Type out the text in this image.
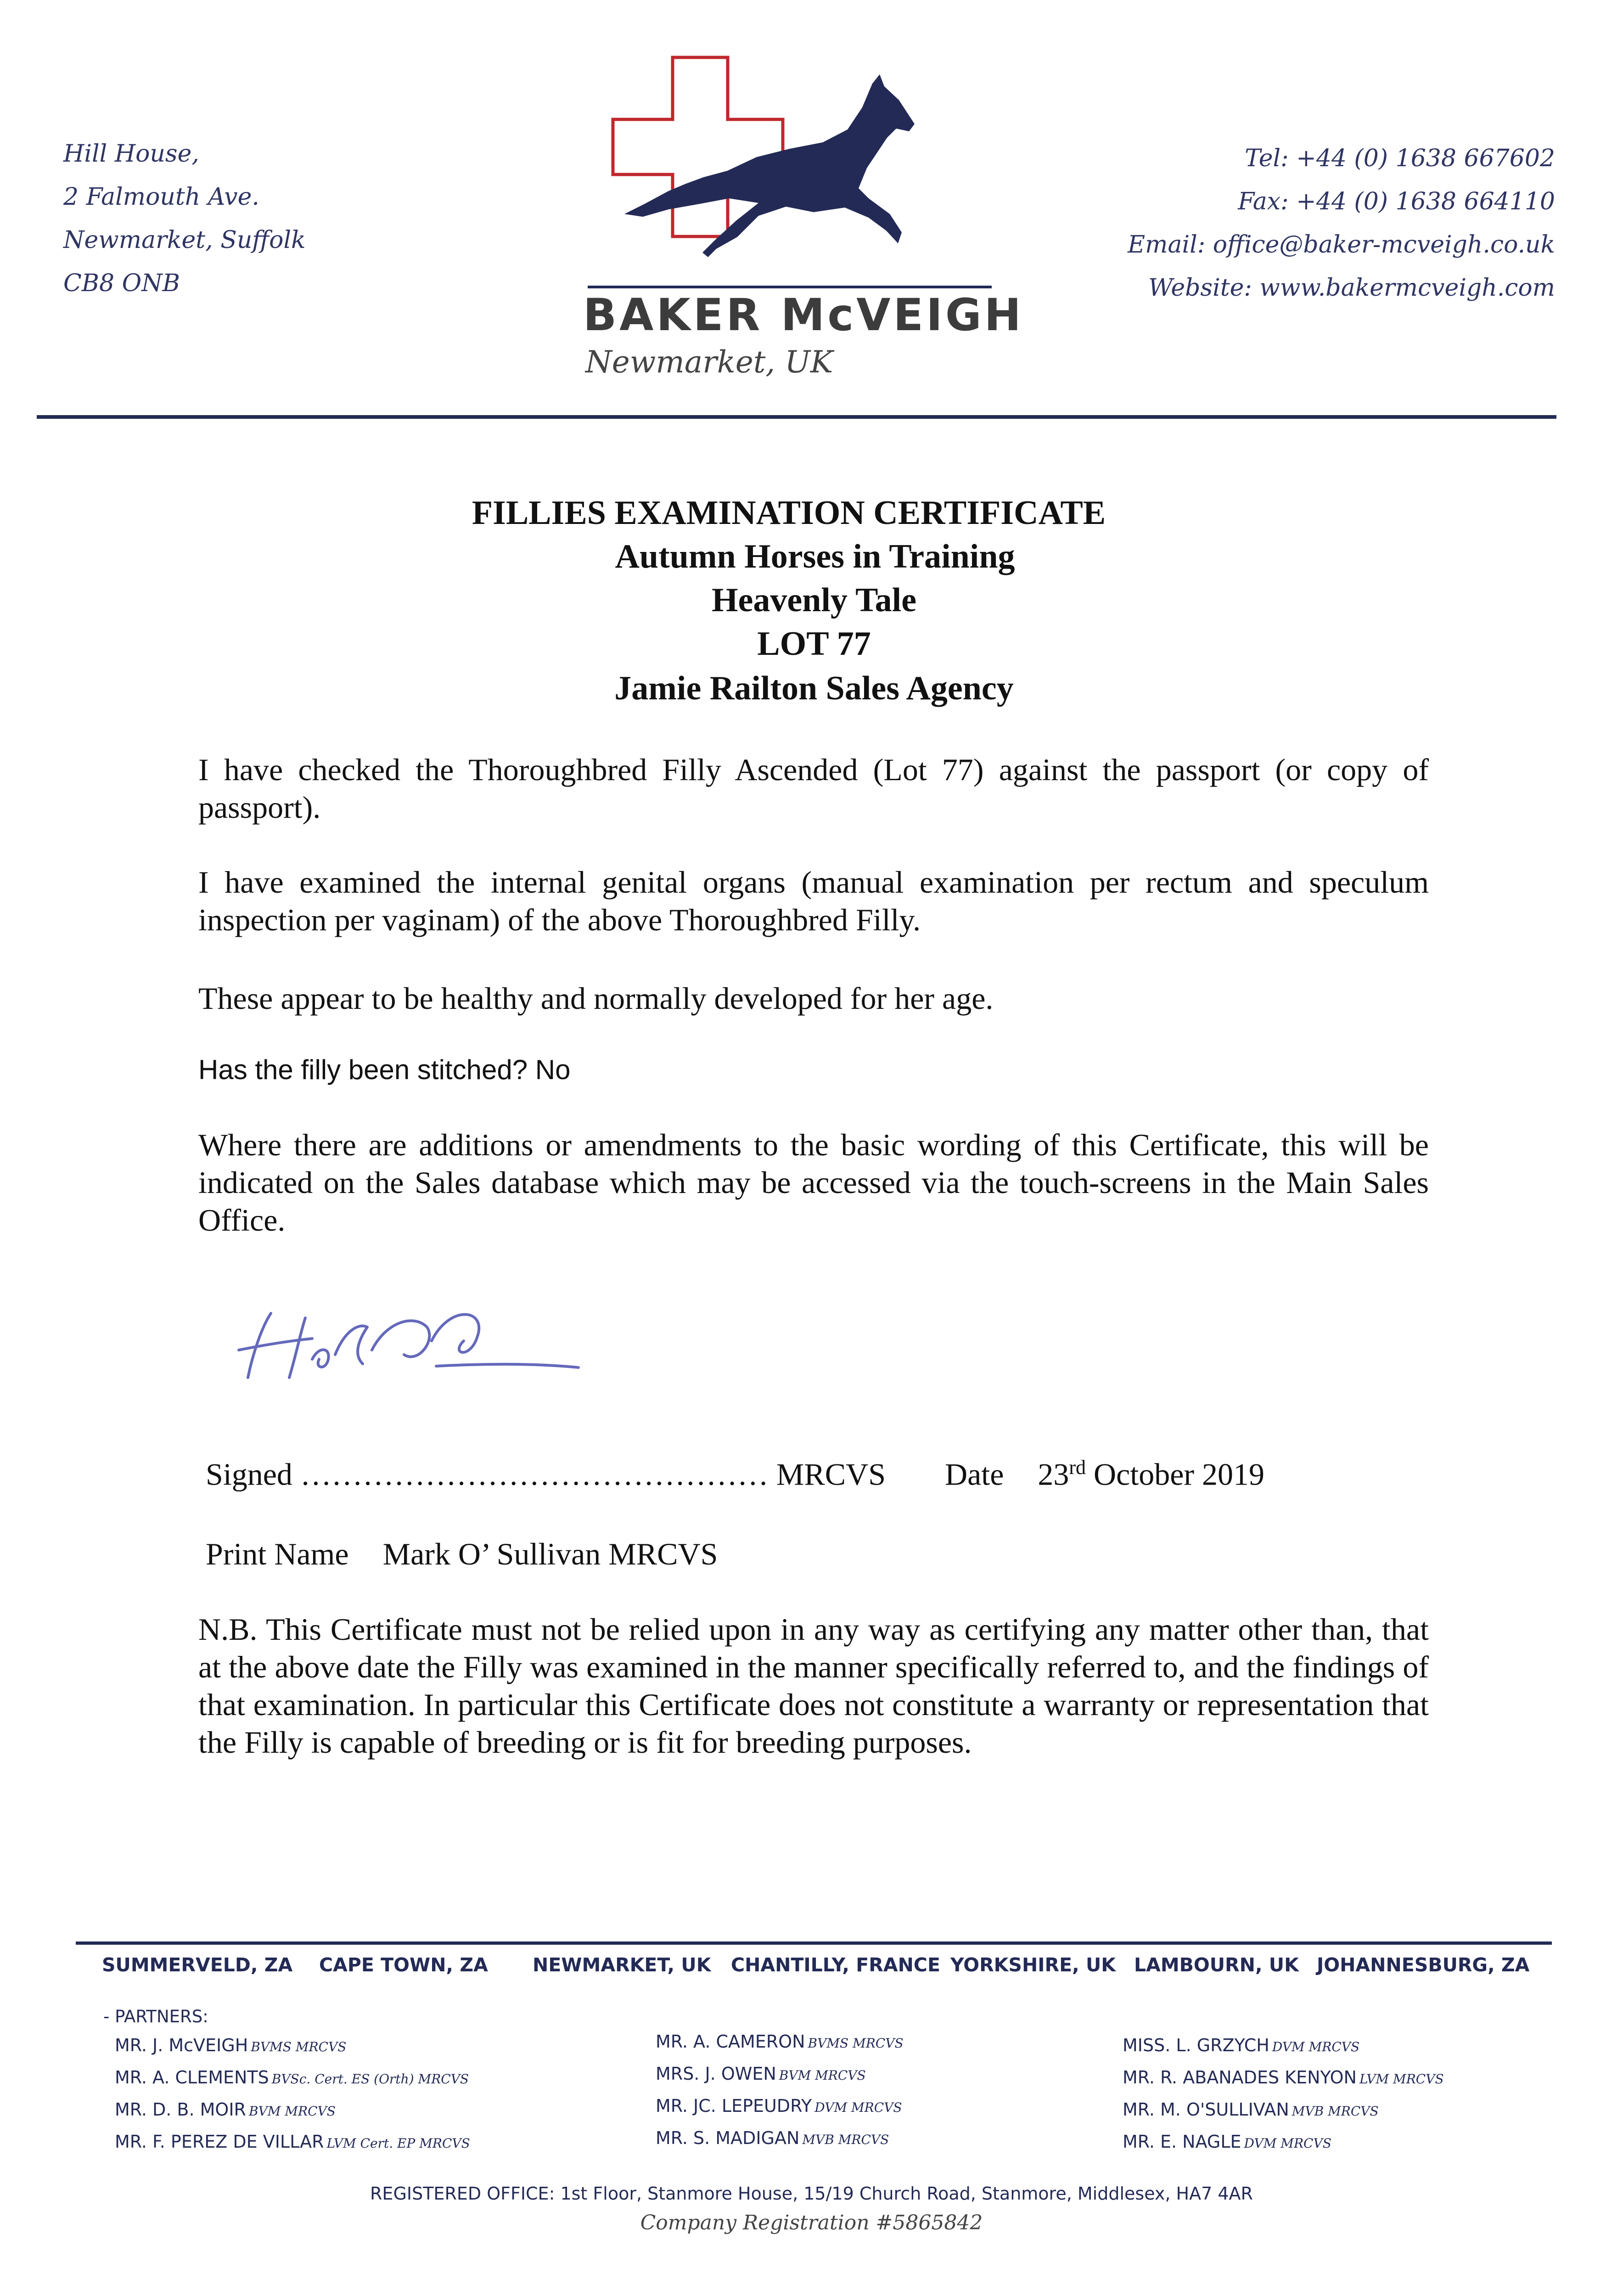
Hill House,
2 Falmouth Ave.
Newmarket, Suffolk
CB8 ONB
BAKER McVEIGH
Newmarket, UK
Tel: +44 (0) 1638 667602
Fax: +44 (0) 1638 664110
Email: office@baker-mcveigh.co.uk
Website: www.bakermcveigh.com
FILLIES EXAMINATION CERTIFICATE
Autumn Horses in Training
Heavenly Tale
LOT 77
Jamie Railton Sales Agency
I have checked the Thoroughbred Filly Ascended (Lot 77) against the passport (or copy of passport).
I have examined the internal genital organs (manual examination per rectum and speculum inspection per vaginam) of the above Thoroughbred Filly.
These appear to be healthy and normally developed for her age.
Has the filly been stitched? No
Where there are additions or amendments to the basic wording of this Certificate, this will be indicated on the Sales database which may be accessed via the touch-screens in the Main Sales Office.
Signed ……………………………………… MRCVS Date 23rd October 2019
Print Name Mark O’ Sullivan MRCVS
N.B. This Certificate must not be relied upon in any way as certifying any matter other than, that at the above date the Filly was examined in the manner specifically referred to, and the findings of that examination. In particular this Certificate does not constitute a warranty or representation that the Filly is capable of breeding or is fit for breeding purposes.
SUMMERVELD, ZA CAPE TOWN, ZA NEWMARKET, UK CHANTILLY, FRANCE YORKSHIRE, UK LAMBOURN, UK JOHANNESBURG, ZA
- PARTNERS:
MR. J. McVEIGH BVMS MRCVS
MR. A. CLEMENTS BVSc. Cert. ES (Orth) MRCVS
MR. D. B. MOIR BVM MRCVS
MR. F. PEREZ DE VILLAR LVM Cert. EP MRCVS
MR. A. CAMERON BVMS MRCVS
MRS. J. OWEN BVM MRCVS
MR. JC. LEPEUDRY DVM MRCVS
MR. S. MADIGAN MVB MRCVS
MISS. L. GRZYCH DVM MRCVS
MR. R. ABANADES KENYON LVM MRCVS
MR. M. O'SULLIVAN MVB MRCVS
MR. E. NAGLE DVM MRCVS
REGISTERED OFFICE: 1st Floor, Stanmore House, 15/19 Church Road, Stanmore, Middlesex, HA7 4AR
Company Registration #5865842
